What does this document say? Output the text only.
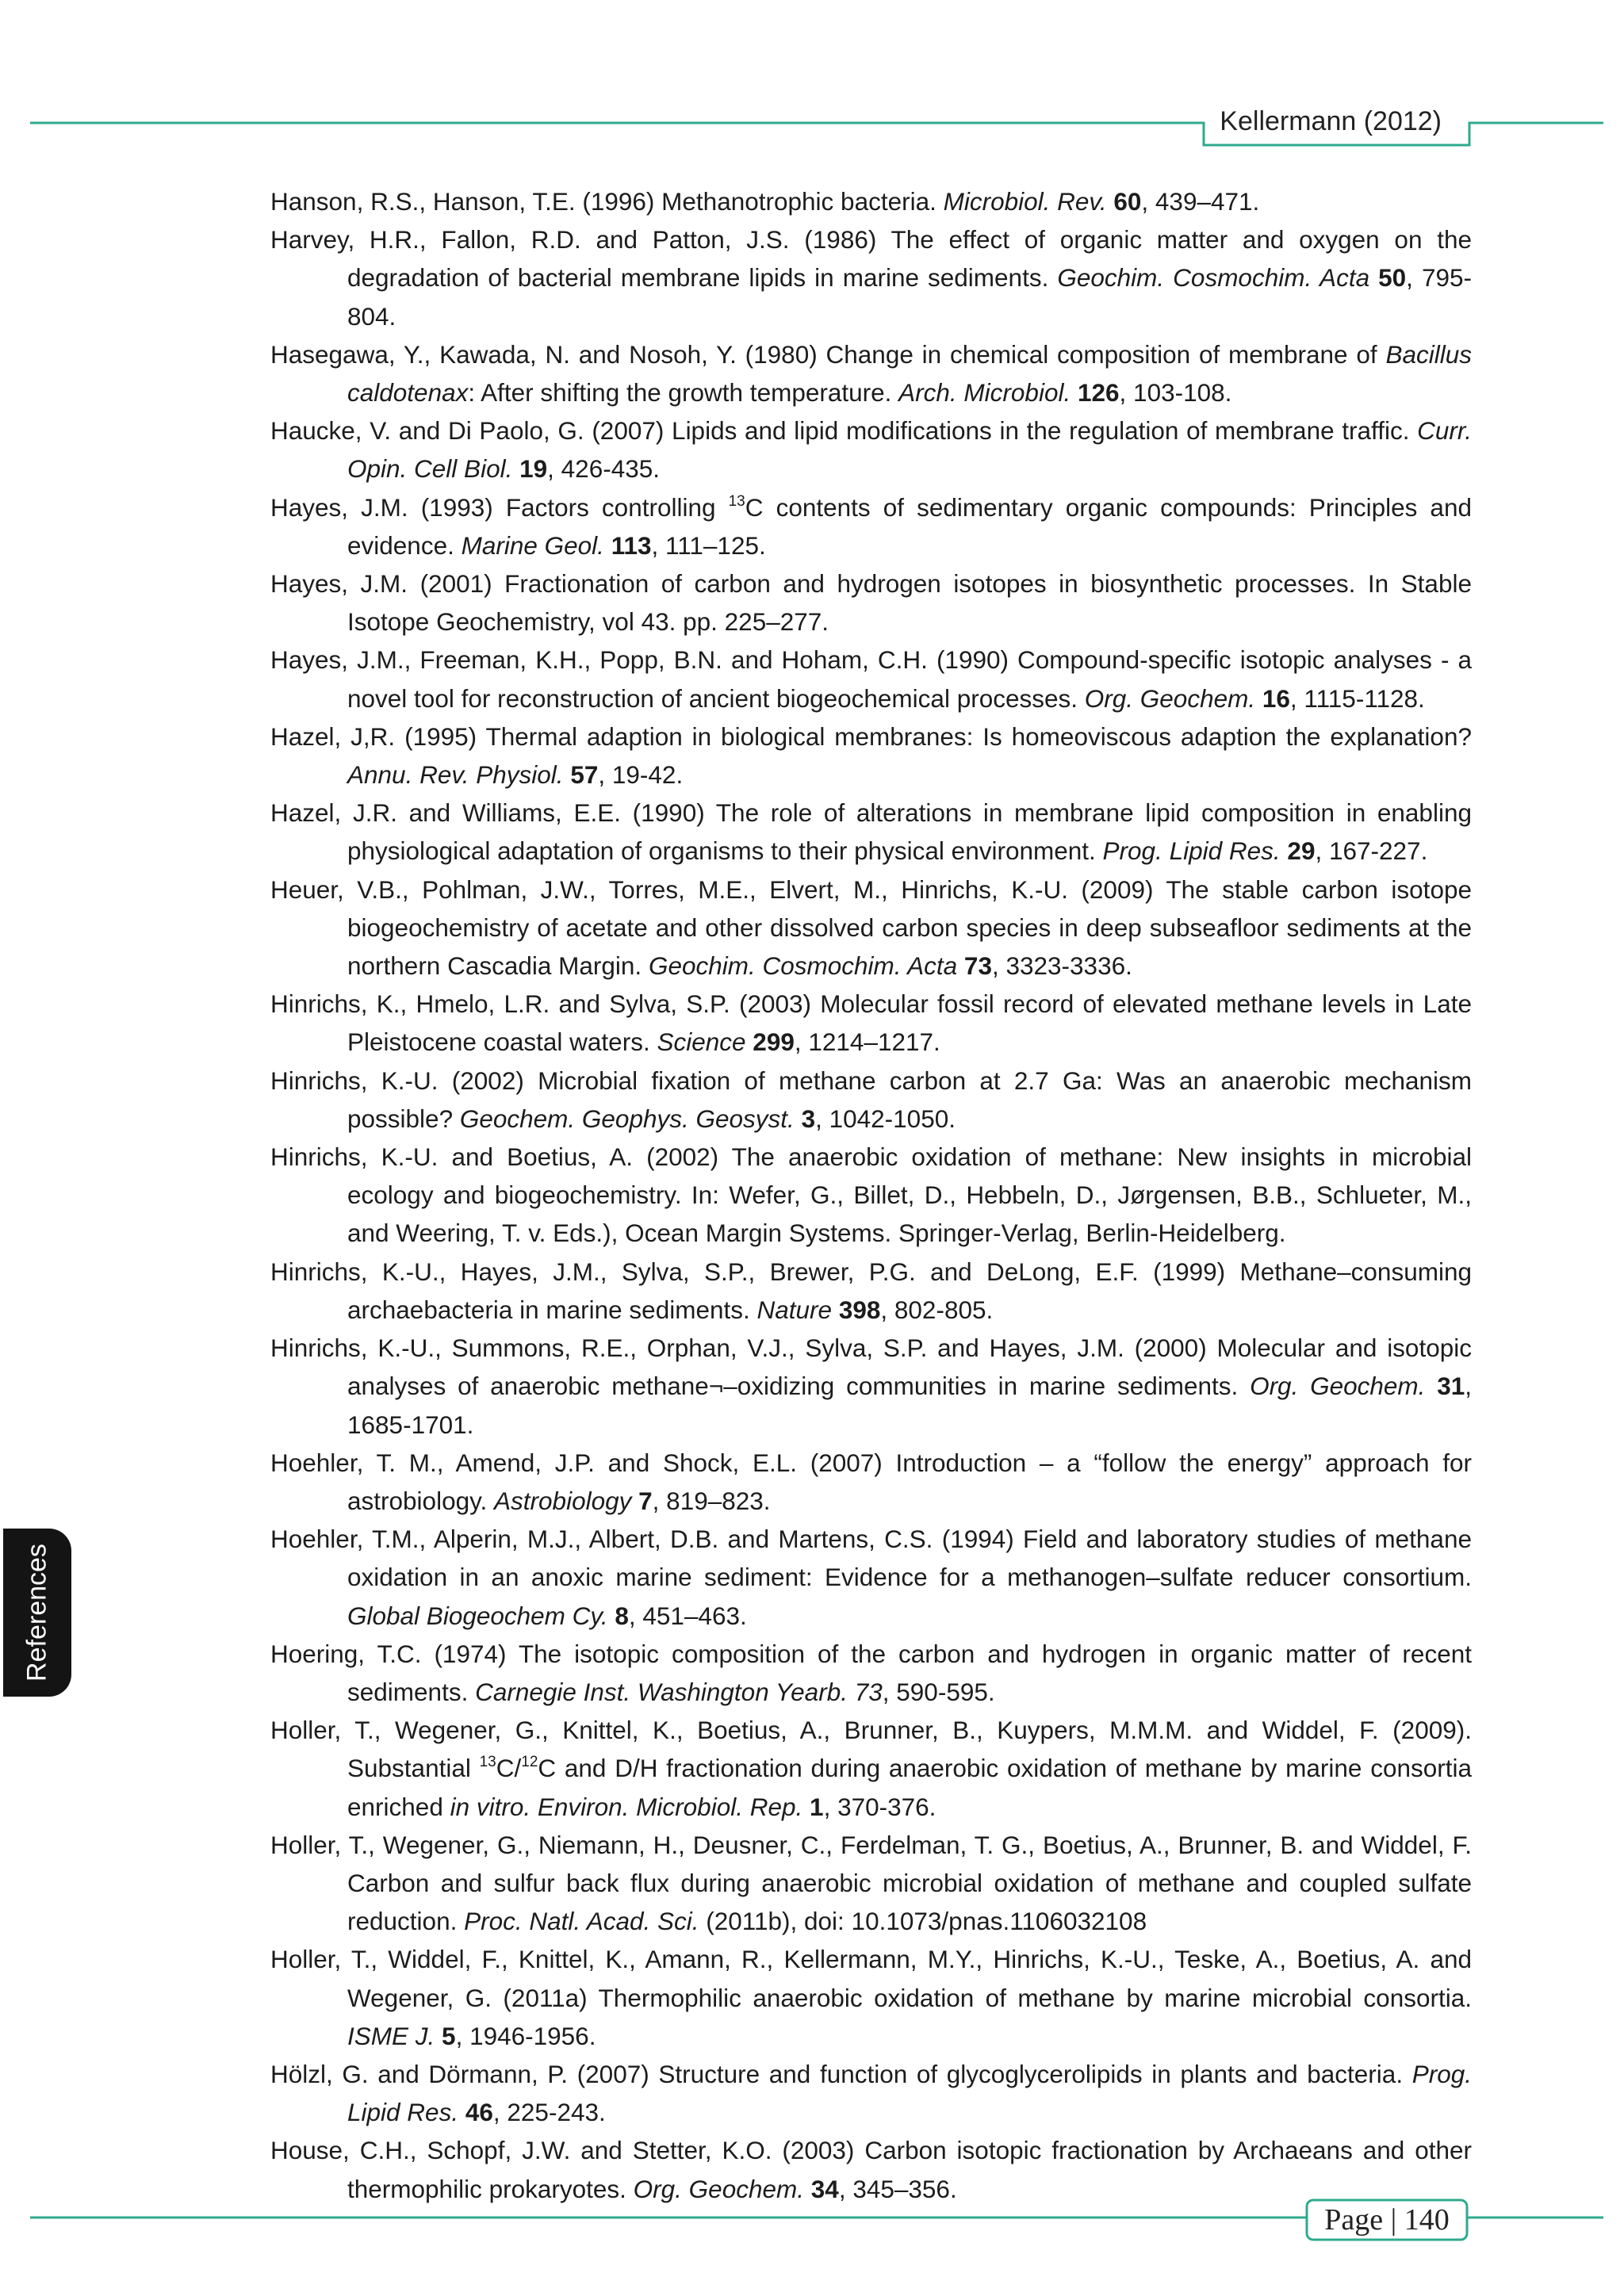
Kellermann (2012)

Hanson, R.S., Hanson, T.E. (1996) Methanotrophic bacteria. Microbiol. Rev. 60, 439–471.

Harvey, H.R., Fallon, R.D. and Patton, J.S. (1986) The effect of organic matter and oxygen on the degradation of bacterial membrane lipids in marine sediments. Geochim. Cosmochim. Acta 50, 795-804.

Hasegawa, Y., Kawada, N. and Nosoh, Y. (1980) Change in chemical composition of membrane of Bacillus caldotenax: After shifting the growth temperature. Arch. Microbiol. 126, 103-108.

Haucke, V. and Di Paolo, G. (2007) Lipids and lipid modifications in the regulation of membrane traffic. Curr. Opin. Cell Biol. 19, 426-435.

Hayes, J.M. (1993) Factors controlling $^{13}$C contents of sedimentary organic compounds: Principles and evidence. Marine Geol. 113, 111–125.

Hayes, J.M. (2001) Fractionation of carbon and hydrogen isotopes in biosynthetic processes. In Stable Isotope Geochemistry, vol 43. pp. 225–277.

Hayes, J.M., Freeman, K.H., Popp, B.N. and Hoham, C.H. (1990) Compound-specific isotopic analyses - a novel tool for reconstruction of ancient biogeochemical processes. Org. Geochem. 16, 1115-1128.

Hazel, J,R. (1995) Thermal adaption in biological membranes: Is homeoviscous adaption the explanation? Annu. Rev. Physiol. 57, 19-42.

Hazel, J.R. and Williams, E.E. (1990) The role of alterations in membrane lipid composition in enabling physiological adaptation of organisms to their physical environment. Prog. Lipid Res. 29, 167-227.

Heuer, V.B., Pohlman, J.W., Torres, M.E., Elvert, M., Hinrichs, K.-U. (2009) The stable carbon isotope biogeochemistry of acetate and other dissolved carbon species in deep subseafloor sediments at the northern Cascadia Margin. Geochim. Cosmochim. Acta 73, 3323-3336.

Hinrichs, K., Hmelo, L.R. and Sylva, S.P. (2003) Molecular fossil record of elevated methane levels in Late Pleistocene coastal waters. Science 299, 1214–1217.

Hinrichs, K.-U. (2002) Microbial fixation of methane carbon at 2.7 Ga: Was an anaerobic mechanism possible? Geochem. Geophys. Geosyst. 3, 1042-1050.

Hinrichs, K.-U. and Boetius, A. (2002) The anaerobic oxidation of methane: New insights in microbial ecology and biogeochemistry. In: Wefer, G., Billet, D., Hebbeln, D., Jørgensen, B.B., Schlueter, M., and Weering, T. v. Eds.), Ocean Margin Systems. Springer-Verlag, Berlin-Heidelberg.

Hinrichs, K.-U., Hayes, J.M., Sylva, S.P., Brewer, P.G. and DeLong, E.F. (1999) Methane–consuming archaebacteria in marine sediments. Nature 398, 802-805.

Hinrichs, K.-U., Summons, R.E., Orphan, V.J., Sylva, S.P. and Hayes, J.M. (2000) Molecular and isotopic analyses of anaerobic methane¬–oxidizing communities in marine sediments. Org. Geochem. 31, 1685-1701.

Hoehler, T. M., Amend, J.P. and Shock, E.L. (2007) Introduction – a “follow the energy” approach for astrobiology. Astrobiology 7, 819–823.

Hoehler, T.M., Alperin, M.J., Albert, D.B. and Martens, C.S. (1994) Field and laboratory studies of methane oxidation in an anoxic marine sediment: Evidence for a methanogen–sulfate reducer consortium. Global Biogeochem Cy. 8, 451–463.

Hoering, T.C. (1974) The isotopic composition of the carbon and hydrogen in organic matter of recent sediments. Carnegie Inst. Washington Yearb. 73, 590-595.

Holler, T., Wegener, G., Knittel, K., Boetius, A., Brunner, B., Kuypers, M.M.M. and Widdel, F. (2009). Substantial $^{13}$C/$^{12}$C and D/H fractionation during anaerobic oxidation of methane by marine consortia enriched in vitro. Environ. Microbiol. Rep. 1, 370-376.

Holler, T., Wegener, G., Niemann, H., Deusner, C., Ferdelman, T. G., Boetius, A., Brunner, B. and Widdel, F. Carbon and sulfur back flux during anaerobic microbial oxidation of methane and coupled sulfate reduction. Proc. Natl. Acad. Sci. (2011b), doi: 10.1073/pnas.1106032108

Holler, T., Widdel, F., Knittel, K., Amann, R., Kellermann, M.Y., Hinrichs, K.-U., Teske, A., Boetius, A. and Wegener, G. (2011a) Thermophilic anaerobic oxidation of methane by marine microbial consortia. ISME J. 5, 1946-1956.

Hölzl, G. and Dörmann, P. (2007) Structure and function of glycoglycerolipids in plants and bacteria. Prog. Lipid Res. 46, 225-243.

House, C.H., Schopf, J.W. and Stetter, K.O. (2003) Carbon isotopic fractionation by Archaeans and other thermophilic prokaryotes. Org. Geochem. 34, 345–356.

References
Page | 140
